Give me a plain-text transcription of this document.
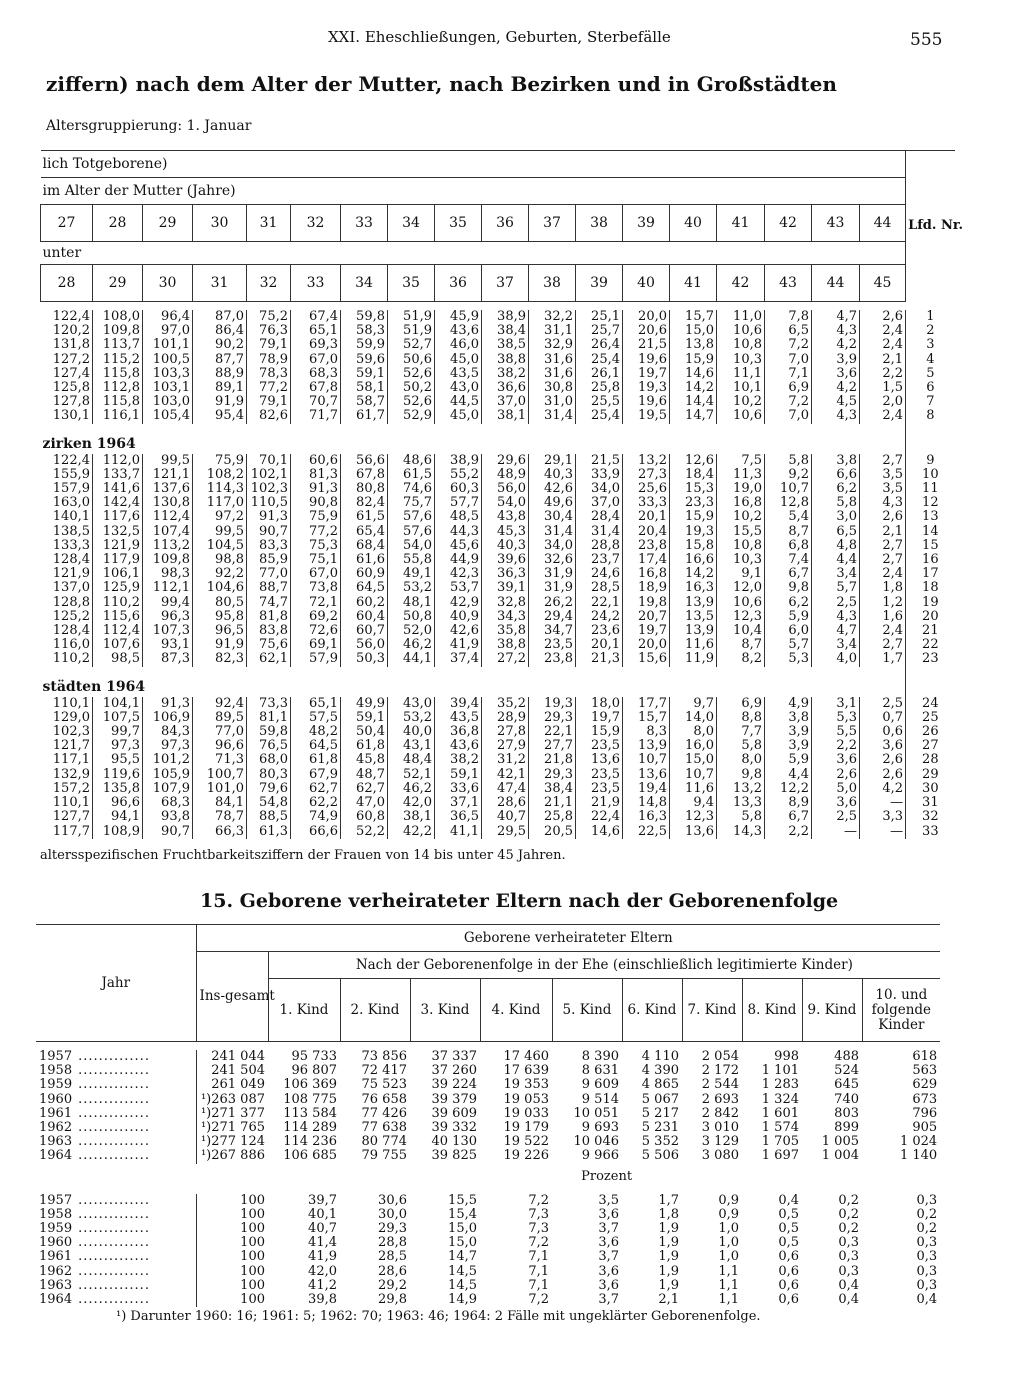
XXI. Eheschließungen, Geburten, Sterbefälle	555
ziffern) nach dem Alter der Mutter, nach Bezirken und in Großstädten
Altersgruppierung: 1. Januar
lich Totgeborene)																		Lfd. Nr.
im Alter der Mutter (Jahre)																		
27	28	29	30	31	32	33	34	35	36	37	38	39	40	41	42	43	44	
unter																		
28	29	30	31	32	33	34	35	36	37	38	39	40	41	42	43	44	45	

122,4	108,0	96,4	87,0	75,2	67,4	59,8	51,9	45,9	38,9	32,2	25,1	20,0	15,7	11,0	7,8	4,7	2,6	1
120,2	109,8	97,0	86,4	76,3	65,1	58,3	51,9	43,6	38,4	31,1	25,7	20,6	15,0	10,6	6,5	4,3	2,4	2
131,8	113,7	101,1	90,2	79,1	69,3	59,9	52,7	46,0	38,5	32,9	26,4	21,5	13,8	10,8	7,2	4,2	2,4	3
127,2	115,2	100,5	87,7	78,9	67,0	59,6	50,6	45,0	38,8	31,6	25,4	19,6	15,9	10,3	7,0	3,9	2,1	4
127,4	115,8	103,3	88,9	78,3	68,3	59,1	52,6	43,5	38,2	31,6	26,1	19,7	14,6	11,1	7,1	3,6	2,2	5
125,8	112,8	103,1	89,1	77,2	67,8	58,1	50,2	43,0	36,6	30,8	25,8	19,3	14,2	10,1	6,9	4,2	1,5	6
127,8	115,8	103,0	91,9	79,1	70,7	58,7	52,6	44,5	37,0	31,0	25,5	19,6	14,4	10,2	7,2	4,5	2,0	7
130,1	116,1	105,4	95,4	82,6	71,7	61,7	52,9	45,0	38,1	31,4	25,4	19,5	14,7	10,6	7,0	4,3	2,4	8
zirken 1964																		
122,4	112,0	99,5	75,9	70,1	60,6	56,6	48,6	38,9	29,6	29,1	21,5	13,2	12,6	7,5	5,8	3,8	2,7	9
155,9	133,7	121,1	108,2	102,1	81,3	67,8	61,5	55,2	48,9	40,3	33,9	27,3	18,4	11,3	9,2	6,6	3,5	10
157,9	141,6	137,6	114,3	102,3	91,3	80,8	74,6	60,3	56,0	42,6	34,0	25,6	15,3	19,0	10,7	6,2	3,5	11
163,0	142,4	130,8	117,0	110,5	90,8	82,4	75,7	57,7	54,0	49,6	37,0	33,3	23,3	16,8	12,8	5,8	4,3	12
140,1	117,6	112,4	97,2	91,3	75,9	61,5	57,6	48,5	43,8	30,4	28,4	20,1	15,9	10,2	5,4	3,0	2,6	13
138,5	132,5	107,4	99,5	90,7	77,2	65,4	57,6	44,3	45,3	31,4	31,4	20,4	19,3	15,5	8,7	6,5	2,1	14
133,3	121,9	113,2	104,5	83,3	75,3	68,4	54,0	45,6	40,3	34,0	28,8	23,8	15,8	10,8	6,8	4,8	2,7	15
128,4	117,9	109,8	98,8	85,9	75,1	61,6	55,8	44,9	39,6	32,6	23,7	17,4	16,6	10,3	7,4	4,4	2,7	16
121,9	106,1	98,3	92,2	77,0	67,0	60,9	49,1	42,3	36,3	31,9	24,6	16,8	14,2	9,1	6,7	3,4	2,4	17
137,0	125,9	112,1	104,6	88,7	73,8	64,5	53,2	53,7	39,1	31,9	28,5	18,9	16,3	12,0	9,8	5,7	1,8	18
128,8	110,2	99,4	80,5	74,7	72,1	60,2	48,1	42,9	32,8	26,2	22,1	19,8	13,9	10,6	6,2	2,5	1,2	19
125,2	115,6	96,3	95,8	81,8	69,2	60,4	50,8	40,9	34,3	29,4	24,2	20,7	13,5	12,3	5,9	4,3	1,6	20
128,4	112,4	107,3	96,5	83,8	72,6	60,7	52,0	42,6	35,8	34,7	23,6	19,7	13,9	10,4	6,0	4,7	2,4	21
116,0	107,6	93,1	91,9	75,6	69,1	56,0	46,2	41,9	38,8	23,5	20,1	20,0	11,6	8,7	5,7	3,4	2,7	22
110,2	98,5	87,3	82,3	62,1	57,9	50,3	44,1	37,4	27,2	23,8	21,3	15,6	11,9	8,2	5,3	4,0	1,7	23
städten 1964																		
110,1	104,1	91,3	92,4	73,3	65,1	49,9	43,0	39,4	35,2	19,3	18,0	17,7	9,7	6,9	4,9	3,1	2,5	24
129,0	107,5	106,9	89,5	81,1	57,5	59,1	53,2	43,5	28,9	29,3	19,7	15,7	14,0	8,8	3,8	5,3	0,7	25
102,3	99,7	84,3	77,0	59,8	48,2	50,4	40,0	36,8	27,8	22,1	15,9	8,3	8,0	7,7	3,9	5,5	0,6	26
121,7	97,3	97,3	96,6	76,5	64,5	61,8	43,1	43,6	27,9	27,7	23,5	13,9	16,0	5,8	3,9	2,2	3,6	27
117,1	95,5	101,2	71,3	68,0	61,8	45,8	48,4	38,2	31,2	21,8	13,6	10,7	15,0	8,0	5,9	3,6	2,6	28
132,9	119,6	105,9	100,7	80,3	67,9	48,7	52,1	59,1	42,1	29,3	23,5	13,6	10,7	9,8	4,4	2,6	2,6	29
157,2	135,8	107,9	101,0	79,6	62,7	62,7	46,2	33,6	47,4	38,4	23,5	19,4	11,6	13,2	12,2	5,0	4,2	30
110,1	96,6	68,3	84,1	54,8	62,2	47,0	42,0	37,1	28,6	21,1	21,9	14,8	9,4	13,3	8,9	3,6	—	31
127,7	94,1	93,8	78,7	88,5	74,9	60,8	38,1	36,5	40,7	25,8	22,4	16,3	12,3	5,8	6,7	2,5	3,3	32
117,7	108,9	90,7	66,3	61,3	66,6	52,2	42,2	41,1	29,5	20,5	14,6	22,5	13,6	14,3	2,2	—	—	33
altersspezifischen Fruchtbarkeitsziffern der Frauen von 14 bis unter 45 Jahren.
15. Geborene verheirateter Eltern nach der Geborenenfolge
Jahr	Geborene verheirateter Eltern										
	Ins-gesamt	Nach der Geborenenfolge in der Ehe (einschließlich legitimierte Kinder)									
		1. Kind	2. Kind	3. Kind	4. Kind	5. Kind	6. Kind	7. Kind	8. Kind	9. Kind	10. und folgende Kinder

1957 ..............	241 044	95 733	73 856	37 337	17 460	8 390	4 110	2 054	998	488	618
1958 ..............	241 504	96 807	72 417	37 260	17 639	8 631	4 390	2 172	1 101	524	563
1959 ..............	261 049	106 369	75 523	39 224	19 353	9 609	4 865	2 544	1 283	645	629
1960 ..............	¹)263 087	108 775	76 658	39 379	19 053	9 514	5 067	2 693	1 324	740	673
1961 ..............	¹)271 377	113 584	77 426	39 609	19 033	10 051	5 217	2 842	1 601	803	796
1962 ..............	¹)271 765	114 289	77 638	39 332	19 179	9 693	5 231	3 010	1 574	899	905
1963 ..............	¹)277 124	114 236	80 774	40 130	19 522	10 046	5 352	3 129	1 705	1 005	1 024
1964 ..............	¹)267 886	106 685	79 755	39 825	19 226	9 966	5 506	3 080	1 697	1 004	1 140
Prozent											

1957 ..............	100	39,7	30,6	15,5	7,2	3,5	1,7	0,9	0,4	0,2	0,3
1958 ..............	100	40,1	30,0	15,4	7,3	3,6	1,8	0,9	0,5	0,2	0,2
1959 ..............	100	40,7	29,3	15,0	7,3	3,7	1,9	1,0	0,5	0,2	0,2
1960 ..............	100	41,4	28,8	15,0	7,2	3,6	1,9	1,0	0,5	0,3	0,3
1961 ..............	100	41,9	28,5	14,7	7,1	3,7	1,9	1,0	0,6	0,3	0,3
1962 ..............	100	42,0	28,6	14,5	7,1	3,6	1,9	1,1	0,6	0,3	0,3
1963 ..............	100	41,2	29,2	14,5	7,1	3,6	1,9	1,1	0,6	0,4	0,3
1964 ..............	100	39,8	29,8	14,9	7,2	3,7	2,1	1,1	0,6	0,4	0,4
¹) Darunter 1960: 16; 1961: 5; 1962: 70; 1963: 46; 1964: 2 Fälle mit ungeklärter Geborenenfolge.
